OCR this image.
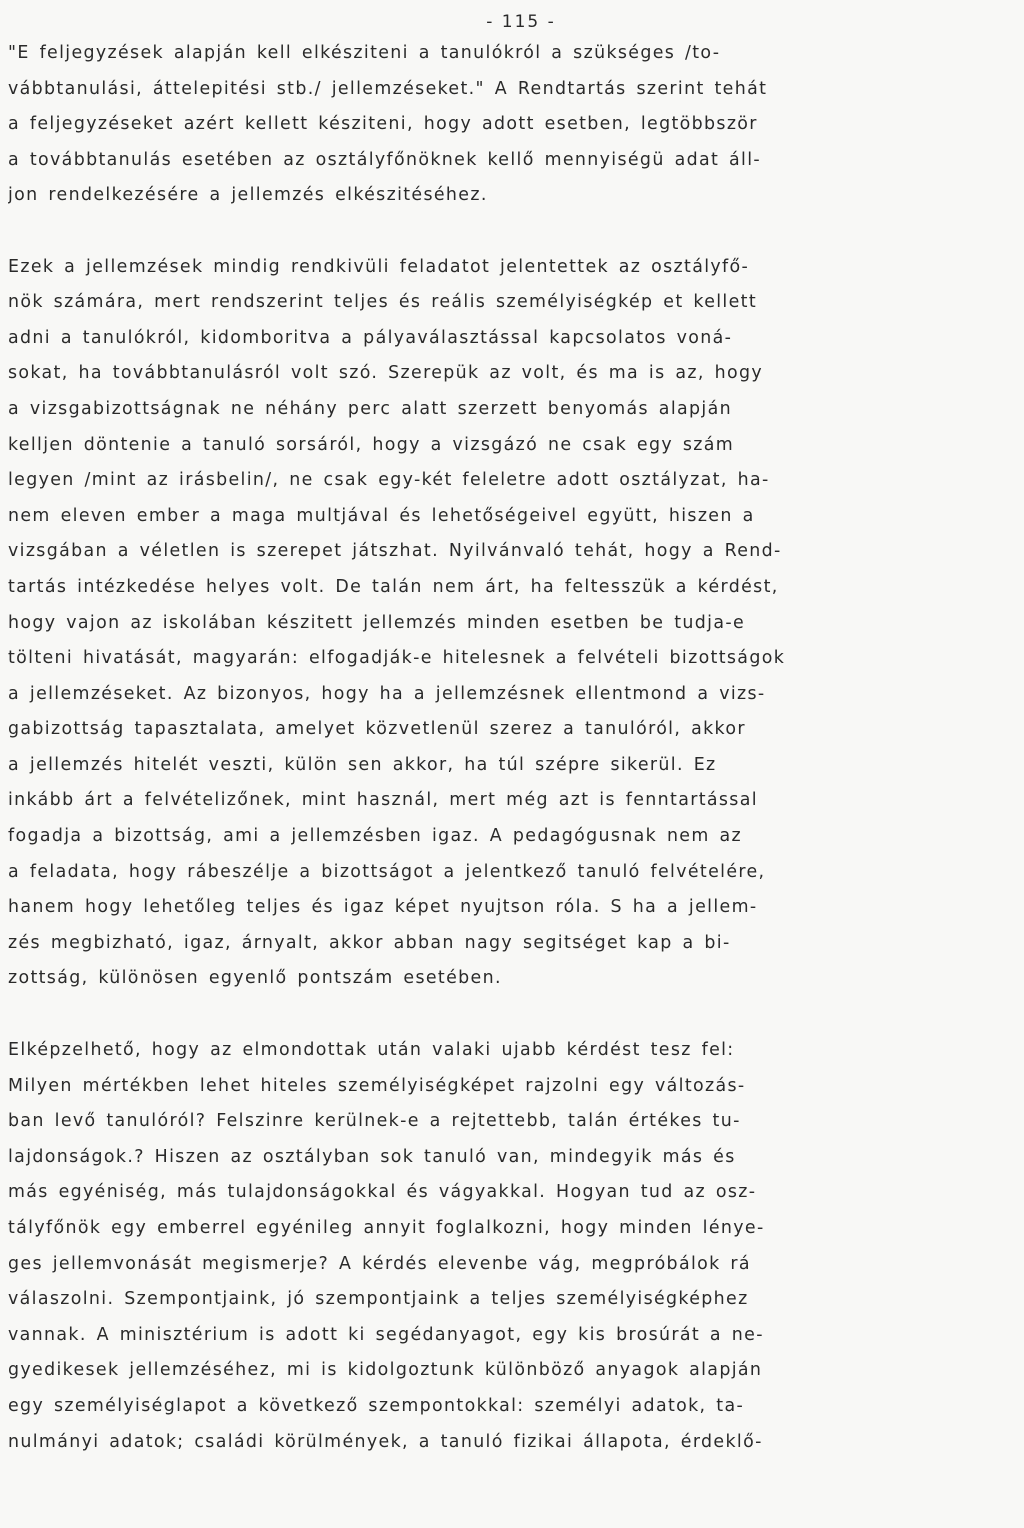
- 115 -
"E feljegyzések alapján kell elkésziteni a tanulókról a szükséges /to-
vábbtanulási, áttelepitési stb./ jellemzéseket." A Rendtartás szerint tehát
a feljegyzéseket azért kellett késziteni, hogy adott esetben, legtöbbször
a továbbtanulás esetében az osztályfőnöknek kellő mennyiségü adat áll-
jon rendelkezésére a jellemzés elkészitéséhez.
Ezek a jellemzések mindig rendkivüli feladatot jelentettek az osztályfő-
nök számára, mert rendszerint teljes és reális személyiségkép et kellett
adni a tanulókról, kidomboritva a pályaválasztással kapcsolatos voná-
sokat, ha továbbtanulásról volt szó. Szerepük az volt, és ma is az, hogy
a vizsgabizottságnak ne néhány perc alatt szerzett benyomás alapján
kelljen döntenie a tanuló sorsáról, hogy a vizsgázó ne csak egy szám
legyen /mint az irásbelin/, ne csak egy-két feleletre adott osztályzat, ha-
nem eleven ember a maga multjával és lehetőségeivel együtt, hiszen a
vizsgában a véletlen is szerepet játszhat. Nyilvánvaló tehát, hogy a Rend-
tartás intézkedése helyes volt. De talán nem árt, ha feltesszük a kérdést,
hogy vajon az iskolában készitett jellemzés minden esetben be tudja-e
tölteni hivatását, magyarán: elfogadják-e hitelesnek a felvételi bizottságok
a jellemzéseket. Az bizonyos, hogy ha a jellemzésnek ellentmond a vizs-
gabizottság tapasztalata, amelyet közvetlenül szerez a tanulóról, akkor
a jellemzés hitelét veszti, külön sen akkor, ha túl szépre sikerül. Ez
inkább árt a felvételizőnek, mint használ, mert még azt is fenntartással
fogadja a bizottság, ami a jellemzésben igaz. A pedagógusnak nem az
a feladata, hogy rábeszélje a bizottságot a jelentkező tanuló felvételére,
hanem hogy lehetőleg teljes és igaz képet nyujtson róla. S ha a jellem-
zés megbizható, igaz, árnyalt, akkor abban nagy segitséget kap a bi-
zottság, különösen egyenlő pontszám esetében.
Elképzelhető, hogy az elmondottak után valaki ujabb kérdést tesz fel:
Milyen mértékben lehet hiteles személyiségképet rajzolni egy változás-
ban levő tanulóról? Felszinre kerülnek-e a rejtettebb, talán értékes tu-
lajdonságok.? Hiszen az osztályban sok tanuló van, mindegyik más és
más egyéniség, más tulajdonságokkal és vágyakkal. Hogyan tud az osz-
tályfőnök egy emberrel egyénileg annyit foglalkozni, hogy minden lénye-
ges jellemvonását megismerje? A kérdés elevenbe vág, megpróbálok rá
válaszolni. Szempontjaink, jó szempontjaink a teljes személyiségképhez
vannak. A minisztérium is adott ki segédanyagot, egy kis brosúrát a ne-
gyedikesek jellemzéséhez, mi is kidolgoztunk különböző anyagok alapján
egy személyiséglapot a következő szempontokkal: személyi adatok, ta-
nulmányi adatok; családi körülmények, a tanuló fizikai állapota, érdeklő-
